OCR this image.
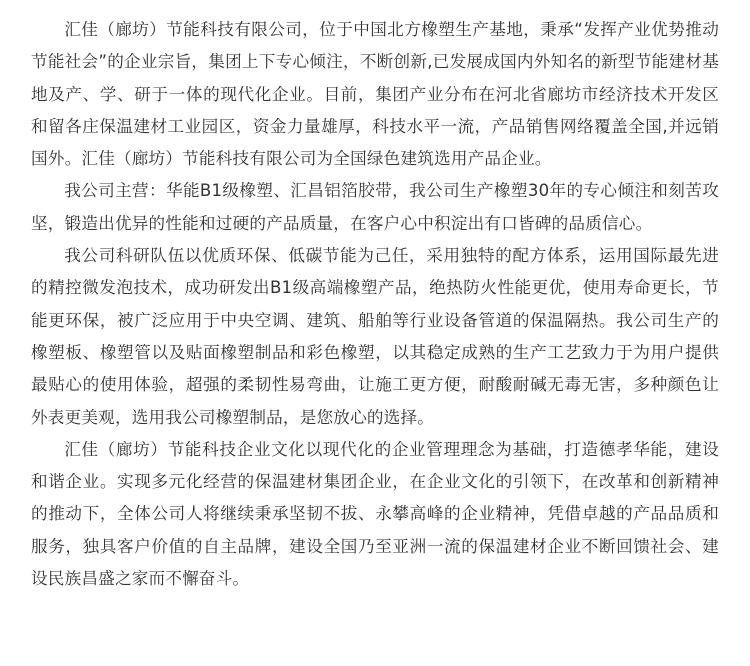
汇佳（廊坊）节能科技有限公司，位于中国北方橡塑生产基地，秉承“发挥产业优势推动节能社会”的企业宗旨，集团上下专心倾注，不断创新,已发展成国内外知名的新型节能建材基地及产、学、研于一体的现代化企业。目前，集团产业分布在河北省廊坊市经济技术开发区和留各庄保温建材工业园区，资金力量雄厚，科技水平一流，产品销售网络覆盖全国,并远销国外。汇佳（廊坊）节能科技有限公司为全国绿色建筑选用产品企业。

我公司主营：华能B1级橡塑、汇昌铝箔胶带，我公司生产橡塑30年的专心倾注和刻苦攻坚，锻造出优异的性能和过硬的产品质量，在客户心中积淀出有口皆碑的品质信心。

我公司科研队伍以优质环保、低碳节能为己任，采用独特的配方体系，运用国际最先进的精控微发泡技术，成功研发出B1级高端橡塑产品，绝热防火性能更优，使用寿命更长，节能更环保，被广泛应用于中央空调、建筑、船舶等行业设备管道的保温隔热。我公司生产的橡塑板、橡塑管以及贴面橡塑制品和彩色橡塑，以其稳定成熟的生产工艺致力于为用户提供最贴心的使用体验，超强的柔韧性易弯曲，让施工更方便，耐酸耐碱无毒无害，多种颜色让外表更美观，选用我公司橡塑制品，是您放心的选择。

汇佳（廊坊）节能科技企业文化以现代化的企业管理理念为基础，打造德孝华能，建设和谐企业。实现多元化经营的保温建材集团企业，在企业文化的引领下，在改革和创新精神的推动下，全体公司人将继续秉承坚韧不拔、永攀高峰的企业精神，凭借卓越的产品品质和服务，独具客户价值的自主品牌，建设全国乃至亚洲一流的保温建材企业不断回馈社会、建设民族昌盛之家而不懈奋斗。
